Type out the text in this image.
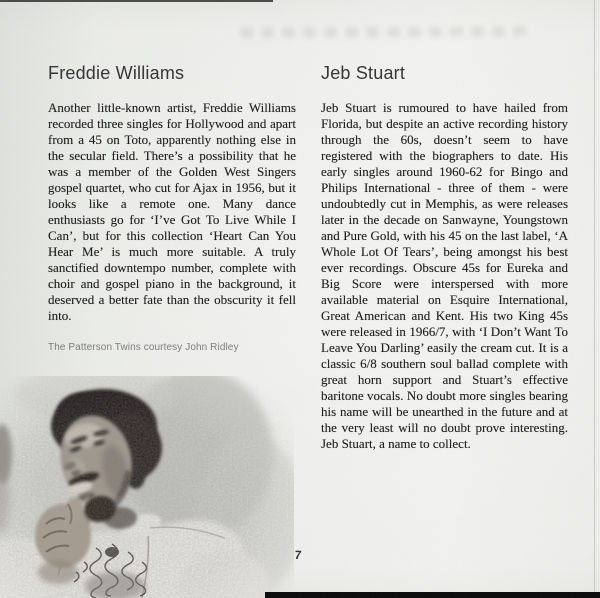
Freddie Williams

Another little-known artist, Freddie Williams recorded three singles for Hollywood and apart from a 45 on Toto, apparently nothing else in the secular field. There’s a possibility that he was a member of the Golden West Singers gospel quartet, who cut for Ajax in 1956, but it looks like a remote one. Many dance enthusiasts go for ‘I’ve Got To Live While I Can’, but for this collection ‘Heart Can You Hear Me’ is much more suitable. A truly sanctified downtempo number, complete with choir and gospel piano in the background, it deserved a better fate than the obscurity it fell into.

The Patterson Twins courtesy John Ridley
Jeb Stuart

Jeb Stuart is rumoured to have hailed from Florida, but despite an active recording history through the 60s, doesn’t seem to have registered with the biographers to date. His early singles around 1960-62 for Bingo and Philips International - three of them - were undoubtedly cut in Memphis, as were releases later in the decade on Sanwayne, Youngstown and Pure Gold, with his 45 on the last label, ‘A Whole Lot Of Tears’, being amongst his best ever recordings. Obscure 45s for Eureka and Big Score were interspersed with more available material on Esquire International, Great American and Kent. His two King 45s were released in 1966/7, with ‘I Don’t Want To Leave You Darling’ easily the cream cut. It is a classic 6/8 southern soul ballad complete with great horn support and Stuart’s effective baritone vocals. No doubt more singles bearing his name will be unearthed in the future and at the very least will no doubt prove interesting. Jeb Stuart, a name to collect.

7
